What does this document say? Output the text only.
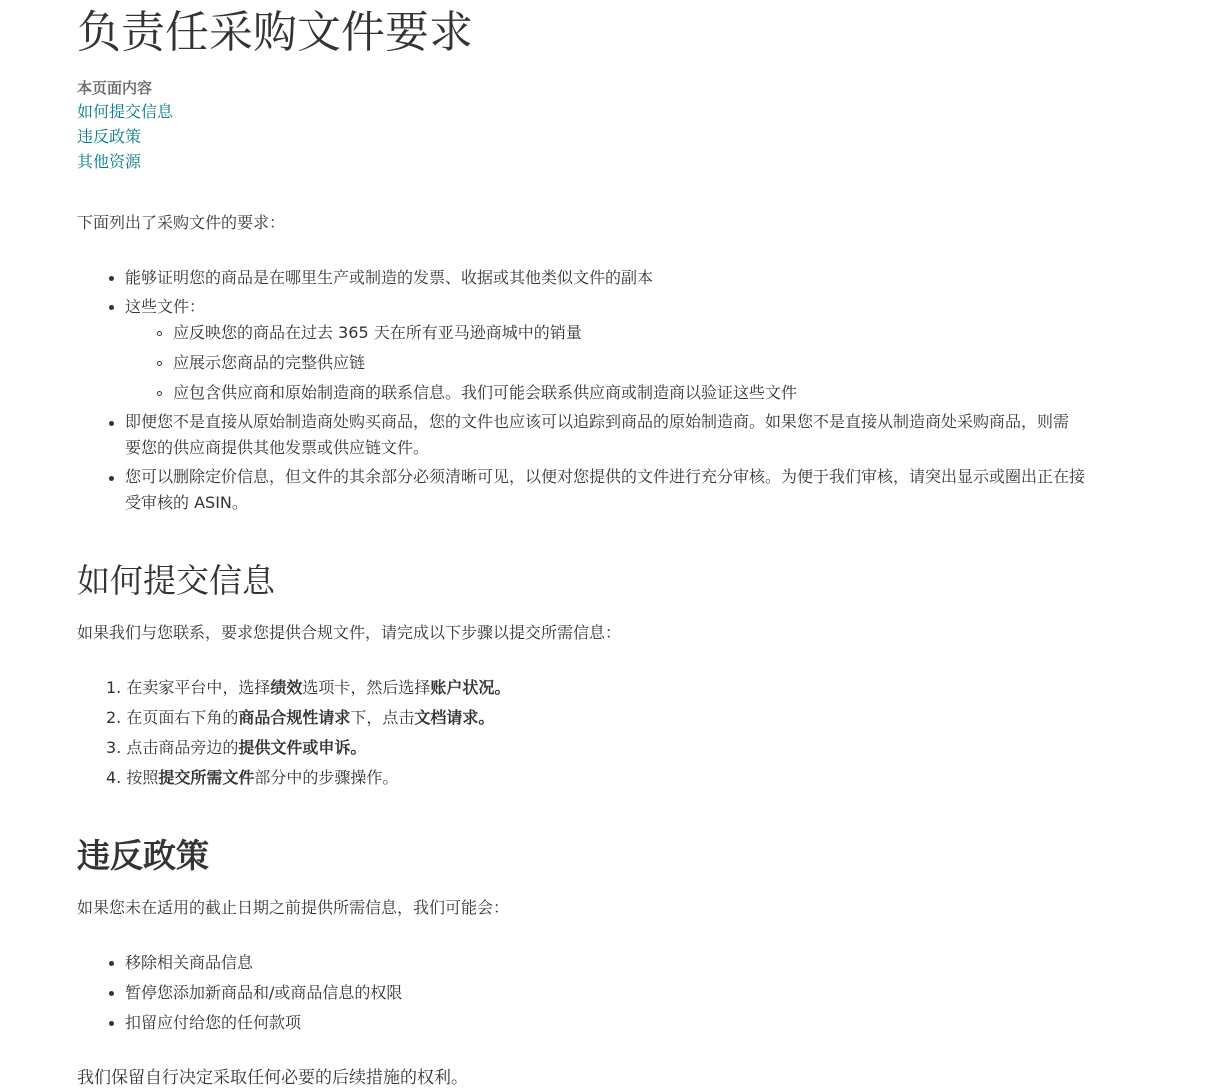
负责任采购文件要求
本页面内容
如何提交信息
违反政策
其他资源
下面列出了采购文件的要求：
能够证明您的商品是在哪里生产或制造的发票、收据或其他类似文件的副本
这些文件：
应反映您的商品在过去 365 天在所有亚马逊商城中的销量
应展示您商品的完整供应链
应包含供应商和原始制造商的联系信息。我们可能会联系供应商或制造商以验证这些文件
即便您不是直接从原始制造商处购买商品，您的文件也应该可以追踪到商品的原始制造商。如果您不是直接从制造商处采购商品，则需要您的供应商提供其他发票或供应链文件。
您可以删除定价信息，但文件的其余部分必须清晰可见，以便对您提供的文件进行充分审核。为便于我们审核，请突出显示或圈出正在接受审核的 ASIN。
如何提交信息
如果我们与您联系，要求您提供合规文件，请完成以下步骤以提交所需信息：
1. 在卖家平台中，选择绩效选项卡，然后选择账户状况。
2. 在页面右下角的商品合规性请求下，点击文档请求。
3. 点击商品旁边的提供文件或申诉。
4. 按照提交所需文件部分中的步骤操作。
违反政策
如果您未在适用的截止日期之前提供所需信息，我们可能会：
移除相关商品信息
暂停您添加新商品和/或商品信息的权限
扣留应付给您的任何款项
我们保留自行决定采取任何必要的后续措施的权利。
